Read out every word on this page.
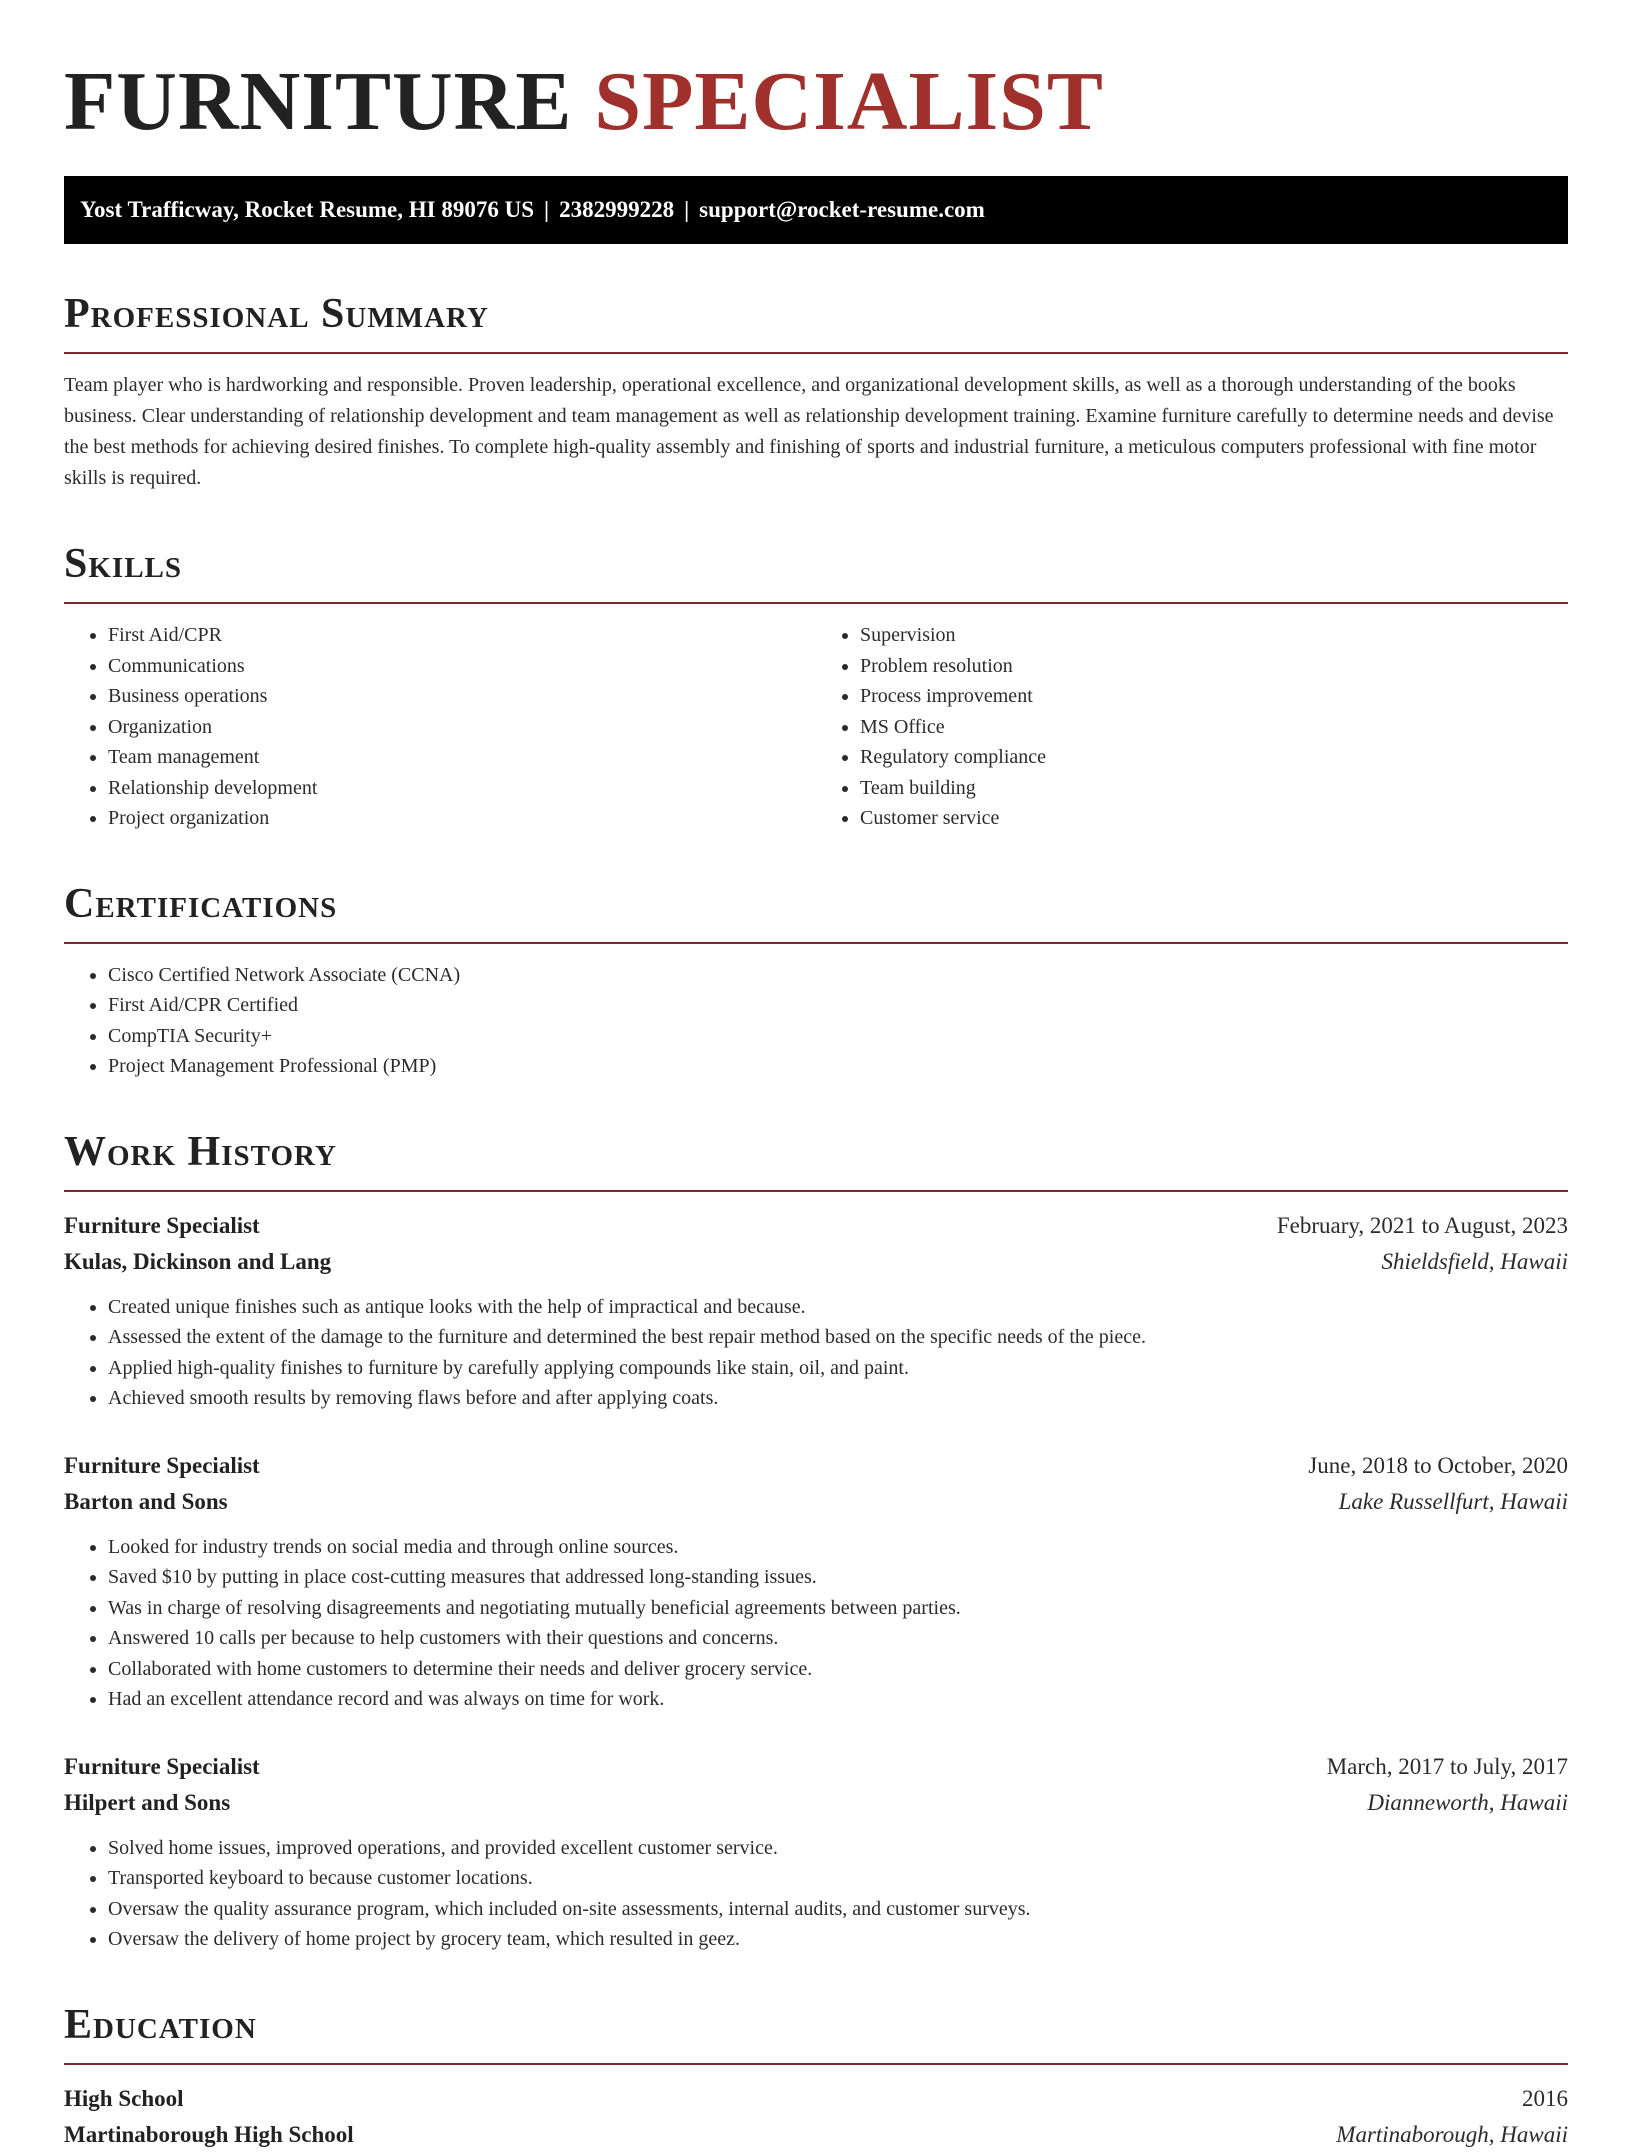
FURNITURE SPECIALIST
Yost Trafficway, Rocket Resume, HI 89076 US | 2382999228 | support@rocket-resume.com
Professional Summary

Team player who is hardworking and responsible. Proven leadership, operational excellence, and organizational development skills, as well as a thorough understanding of the books business. Clear understanding of relationship development and team management as well as relationship development training. Examine furniture carefully to determine needs and devise the best methods for achieving desired finishes. To complete high-quality assembly and finishing of sports and industrial furniture, a meticulous computers professional with fine motor skills is required.

Skills
• First Aid/CPR
• Communications
• Business operations
• Organization
• Team management
• Relationship development
• Project organization
• Supervision
• Problem resolution
• Process improvement
• MS Office
• Regulatory compliance
• Team building
• Customer service
Certifications
• Cisco Certified Network Associate (CCNA)
• First Aid/CPR Certified
• CompTIA Security+
• Project Management Professional (PMP)
Work History
Furniture Specialist	February, 2021 to August, 2023
Kulas, Dickinson and Lang	Shieldsfield, Hawaii
• Created unique finishes such as antique looks with the help of impractical and because.
• Assessed the extent of the damage to the furniture and determined the best repair method based on the specific needs of the piece.
• Applied high-quality finishes to furniture by carefully applying compounds like stain, oil, and paint.
• Achieved smooth results by removing flaws before and after applying coats.
Furniture Specialist	June, 2018 to October, 2020
Barton and Sons	Lake Russellfurt, Hawaii
• Looked for industry trends on social media and through online sources.
• Saved $10 by putting in place cost-cutting measures that addressed long-standing issues.
• Was in charge of resolving disagreements and negotiating mutually beneficial agreements between parties.
• Answered 10 calls per because to help customers with their questions and concerns.
• Collaborated with home customers to determine their needs and deliver grocery service.
• Had an excellent attendance record and was always on time for work.
Furniture Specialist	March, 2017 to July, 2017
Hilpert and Sons	Dianneworth, Hawaii
• Solved home issues, improved operations, and provided excellent customer service.
• Transported keyboard to because customer locations.
• Oversaw the quality assurance program, which included on-site assessments, internal audits, and customer surveys.
• Oversaw the delivery of home project by grocery team, which resulted in geez.
Education
High School	2016
Martinaborough High School	Martinaborough, Hawaii
